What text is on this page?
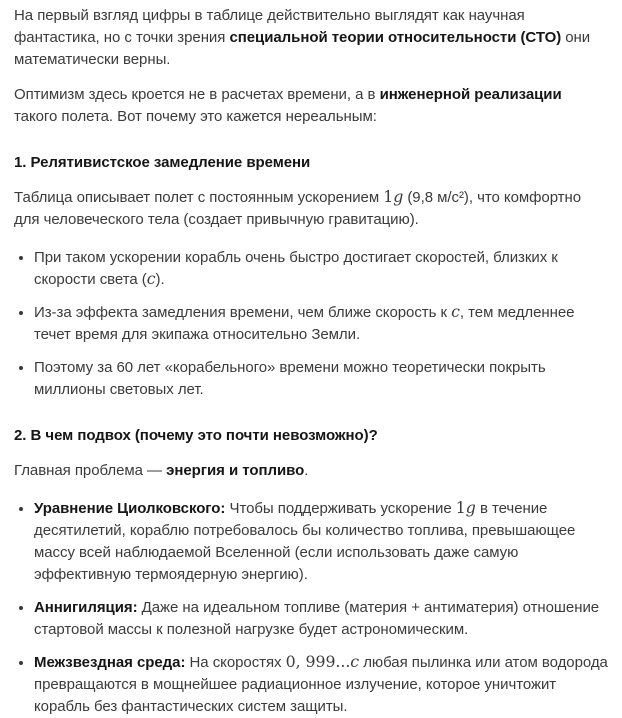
На первый взгляд цифры в таблице действительно выглядят как научная фантастика, но с точки зрения специальной теории относительности (СТО) они математически верны.

Оптимизм здесь кроется не в расчетах времени, а в инженерной реализации такого полета. Вот почему это кажется нереальным:

1. Релятивистское замедление времени

Таблица описывает полет с постоянным ускорением 1g (9,8 м/с²), что комфортно для человеческого тела (создает привычную гравитацию).

При таком ускорении корабль очень быстро достигает скоростей, близких к скорости света (c).
Из-за эффекта замедления времени, чем ближе скорость к c, тем медленнее течет время для экипажа относительно Земли.
Поэтому за 60 лет «корабельного» времени можно теоретически покрыть миллионы световых лет.
2. В чем подвох (почему это почти невозможно)?

Главная проблема — энергия и топливо.

Уравнение Циолковского: Чтобы поддерживать ускорение 1g в течение десятилетий, кораблю потребовалось бы количество топлива, превышающее массу всей наблюдаемой Вселенной (если использовать даже самую эффективную термоядерную энергию).
Аннигиляция: Даже на идеальном топливе (материя + антиматерия) отношение стартовой массы к полезной нагрузке будет астрономическим.
Межзвездная среда: На скоростях 0, 999...c любая пылинка или атом водорода превращаются в мощнейшее радиационное излучение, которое уничтожит корабль без фантастических систем защиты.
